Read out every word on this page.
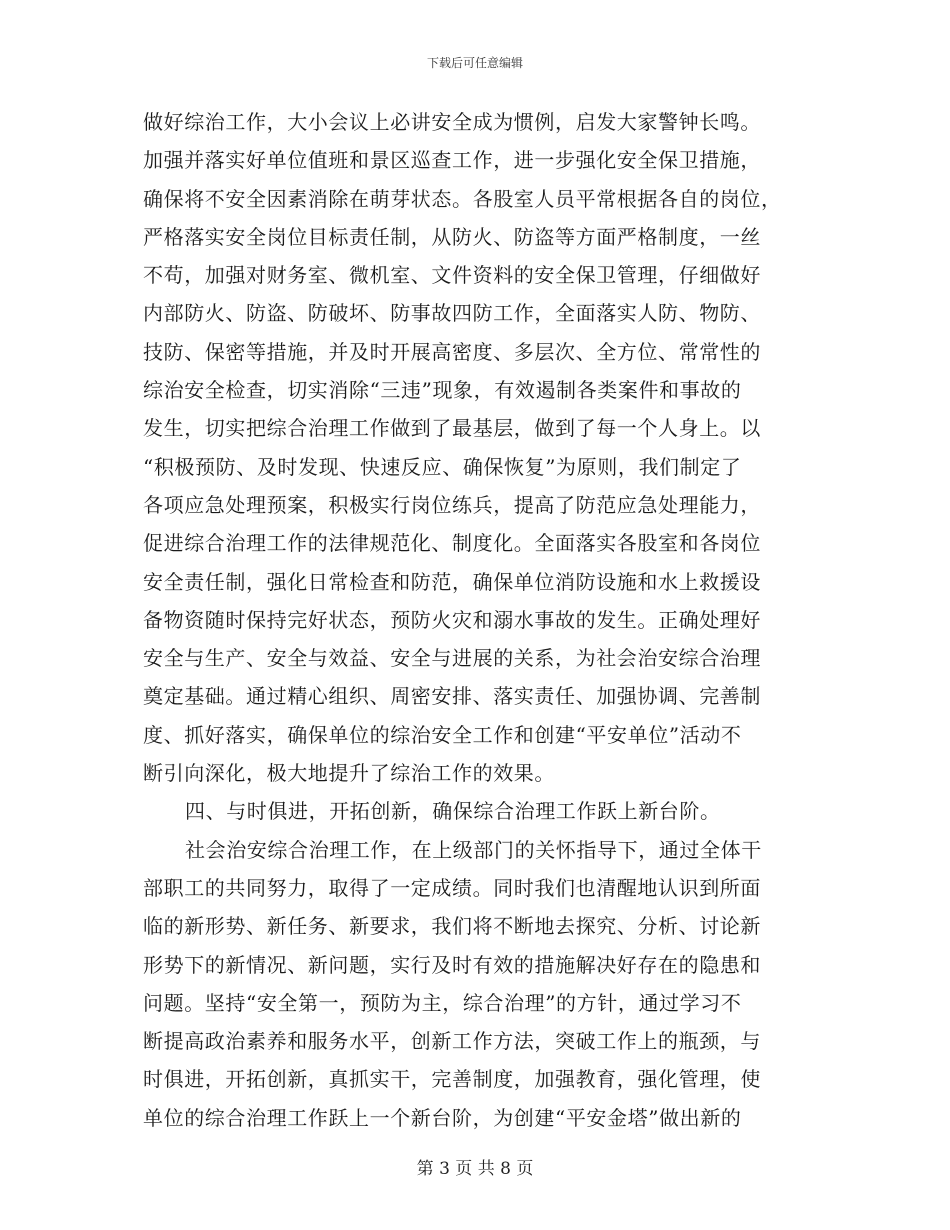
下载后可任意编辑
做好综治工作，大小会议上必讲安全成为惯例，启发大家警钟长鸣。
加强并落实好单位值班和景区巡查工作，进一步强化安全保卫措施，
确保将不安全因素消除在萌芽状态。各股室人员平常根据各自的岗位，
严格落实安全岗位目标责任制，从防火、防盗等方面严格制度，一丝
不苟，加强对财务室、微机室、文件资料的安全保卫管理，仔细做好
内部防火、防盗、防破坏、防事故四防工作，全面落实人防、物防、
技防、保密等措施，并及时开展高密度、多层次、全方位、常常性的
综治安全检查，切实消除“三违”现象，有效遏制各类案件和事故的
发生，切实把综合治理工作做到了最基层，做到了每一个人身上。以
“积极预防、及时发现、快速反应、确保恢复”为原则，我们制定了
各项应急处理预案，积极实行岗位练兵，提高了防范应急处理能力，
促进综合治理工作的法律规范化、制度化。全面落实各股室和各岗位
安全责任制，强化日常检查和防范，确保单位消防设施和水上救援设
备物资随时保持完好状态，预防火灾和溺水事故的发生。正确处理好
安全与生产、安全与效益、安全与进展的关系，为社会治安综合治理
奠定基础。通过精心组织、周密安排、落实责任、加强协调、完善制
度、抓好落实，确保单位的综治安全工作和创建“平安单位”活动不
断引向深化，极大地提升了综治工作的效果。
四、与时俱进，开拓创新，确保综合治理工作跃上新台阶。
社会治安综合治理工作，在上级部门的关怀指导下，通过全体干
部职工的共同努力，取得了一定成绩。同时我们也清醒地认识到所面
临的新形势、新任务、新要求，我们将不断地去探究、分析、讨论新
形势下的新情况、新问题，实行及时有效的措施解决好存在的隐患和
问题。坚持“安全第一，预防为主，综合治理”的方针，通过学习不
断提高政治素养和服务水平，创新工作方法，突破工作上的瓶颈，与
时俱进，开拓创新，真抓实干，完善制度，加强教育，强化管理，使
单位的综合治理工作跃上一个新台阶，为创建“平安金塔”做出新的
第 3 页 共 8 页
